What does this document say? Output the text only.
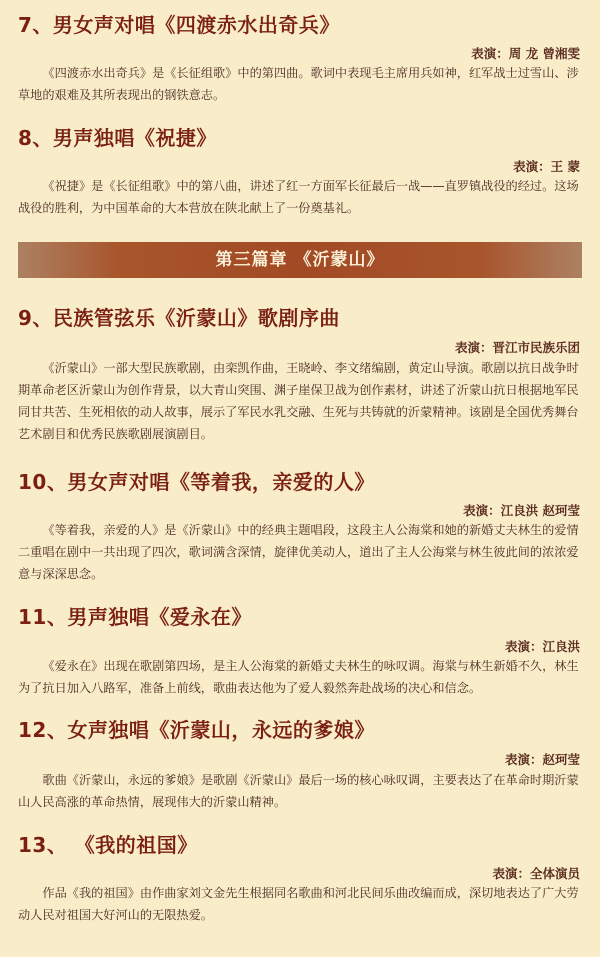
7、男女声对唱《四渡赤水出奇兵》
表演：周 龙 曾湘雯
《四渡赤水出奇兵》是《长征组歌》中的第四曲。歌词中表现毛主席用兵如神，红军战士过雪山、涉草地的艰难及其所表现出的钢铁意志。
8、男声独唱《祝捷》
表演：王 蒙
《祝捷》是《长征组歌》中的第八曲，讲述了红一方面军长征最后一战——直罗镇战役的经过。这场战役的胜利，为中国革命的大本营放在陕北献上了一份奠基礼。
第三篇章 《沂蒙山》
9、民族管弦乐《沂蒙山》歌剧序曲
表演：晋江市民族乐团
《沂蒙山》一部大型民族歌剧，由栾凯作曲，王晓岭、李文绪编剧，黄定山导演。歌剧以抗日战争时期革命老区沂蒙山为创作背景，以大青山突围、渊子崖保卫战为创作素材，讲述了沂蒙山抗日根据地军民同甘共苦、生死相依的动人故事，展示了军民水乳交融、生死与共铸就的沂蒙精神。该剧是全国优秀舞台艺术剧目和优秀民族歌剧展演剧目。
10、男女声对唱《等着我，亲爱的人》
表演：江良洪 赵珂莹
《等着我，亲爱的人》是《沂蒙山》中的经典主题唱段，这段主人公海棠和她的新婚丈夫林生的爱情二重唱在剧中一共出现了四次，歌词满含深情，旋律优美动人，道出了主人公海棠与林生彼此间的浓浓爱意与深深思念。
11、男声独唱《爱永在》
表演：江良洪
《爱永在》出现在歌剧第四场，是主人公海棠的新婚丈夫林生的咏叹调。海棠与林生新婚不久，林生为了抗日加入八路军，准备上前线，歌曲表达他为了爱人毅然奔赴战场的决心和信念。
12、女声独唱《沂蒙山，永远的爹娘》
表演：赵珂莹
歌曲《沂蒙山，永远的爹娘》是歌剧《沂蒙山》最后一场的核心咏叹调，主要表达了在革命时期沂蒙山人民高涨的革命热情，展现伟大的沂蒙山精神。
13、 《我的祖国》
表演：全体演员
作品《我的祖国》由作曲家刘文金先生根据同名歌曲和河北民间乐曲改编而成，深切地表达了广大劳动人民对祖国大好河山的无限热爱。
